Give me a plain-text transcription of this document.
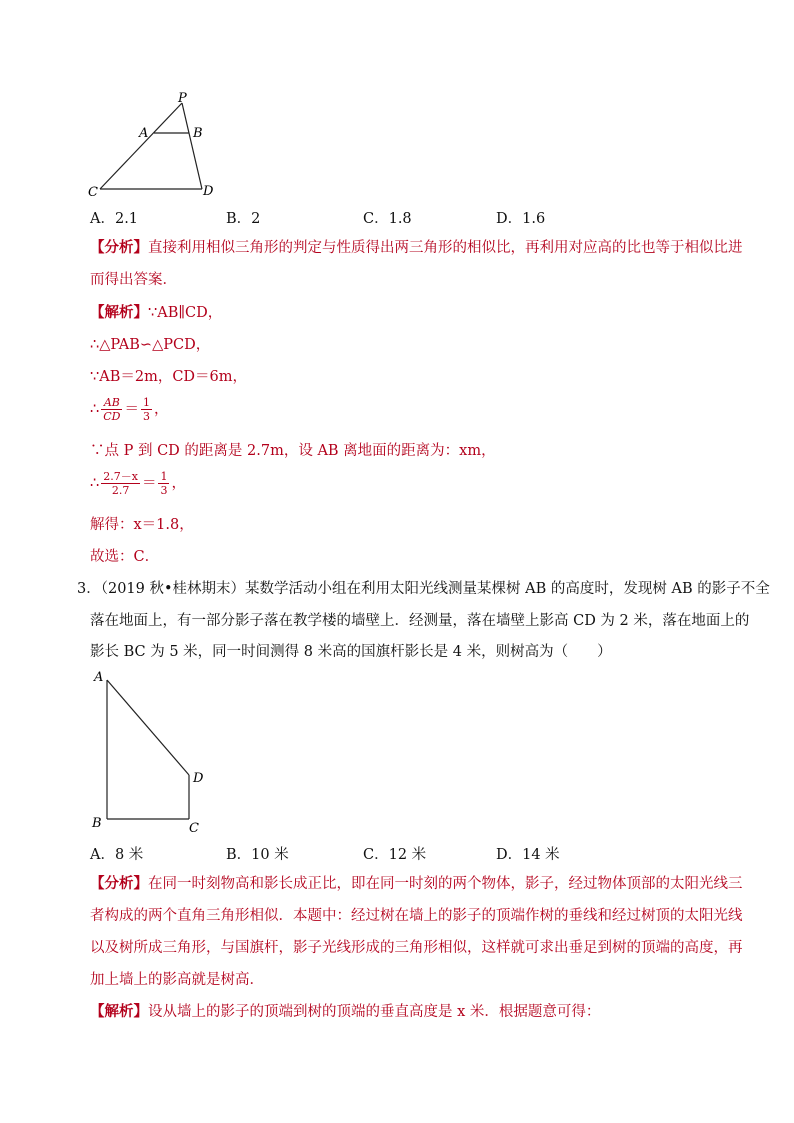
P
A	B
C	D
A．2.1	B．2	C．1.8	D．1.6
【分析】直接利用相似三角形的判定与性质得出两三角形的相似比，再利用对应高的比也等于相似比进
而得出答案．
【解析】∵AB∥CD，
∴△PAB∽△PCD，
∵AB＝2m，CD＝6m，
∴ $\frac{AB}{CD} = \frac{1}{3}$ ，
∵点 P 到 CD 的距离是 2.7m，设 AB 离地面的距离为：xm，
∴ $\frac{2.7-x}{2.7} = \frac{1}{3}$ ，
解得：x＝1.8，
故选：C．
3．（2019 秋•桂林期末）某数学活动小组在利用太阳光线测量某棵树 AB 的高度时，发现树 AB 的影子不全
落在地面上，有一部分影子落在教学楼的墙壁上．经测量，落在墙壁上影高 CD 为 2 米，落在地面上的
影长 BC 为 5 米，同一时间测得 8 米高的国旗杆影长是 4 米，则树高为（　　）
A
B	C
D
A．8 米	B．10 米	C．12 米	D．14 米
【分析】在同一时刻物高和影长成正比，即在同一时刻的两个物体，影子，经过物体顶部的太阳光线三
者构成的两个直角三角形相似．本题中：经过树在墙上的影子的顶端作树的垂线和经过树顶的太阳光线
以及树所成三角形，与国旗杆，影子光线形成的三角形相似，这样就可求出垂足到树的顶端的高度，再
加上墙上的影高就是树高．
【解析】设从墙上的影子的顶端到树的顶端的垂直高度是 x 米．根据题意可得：
